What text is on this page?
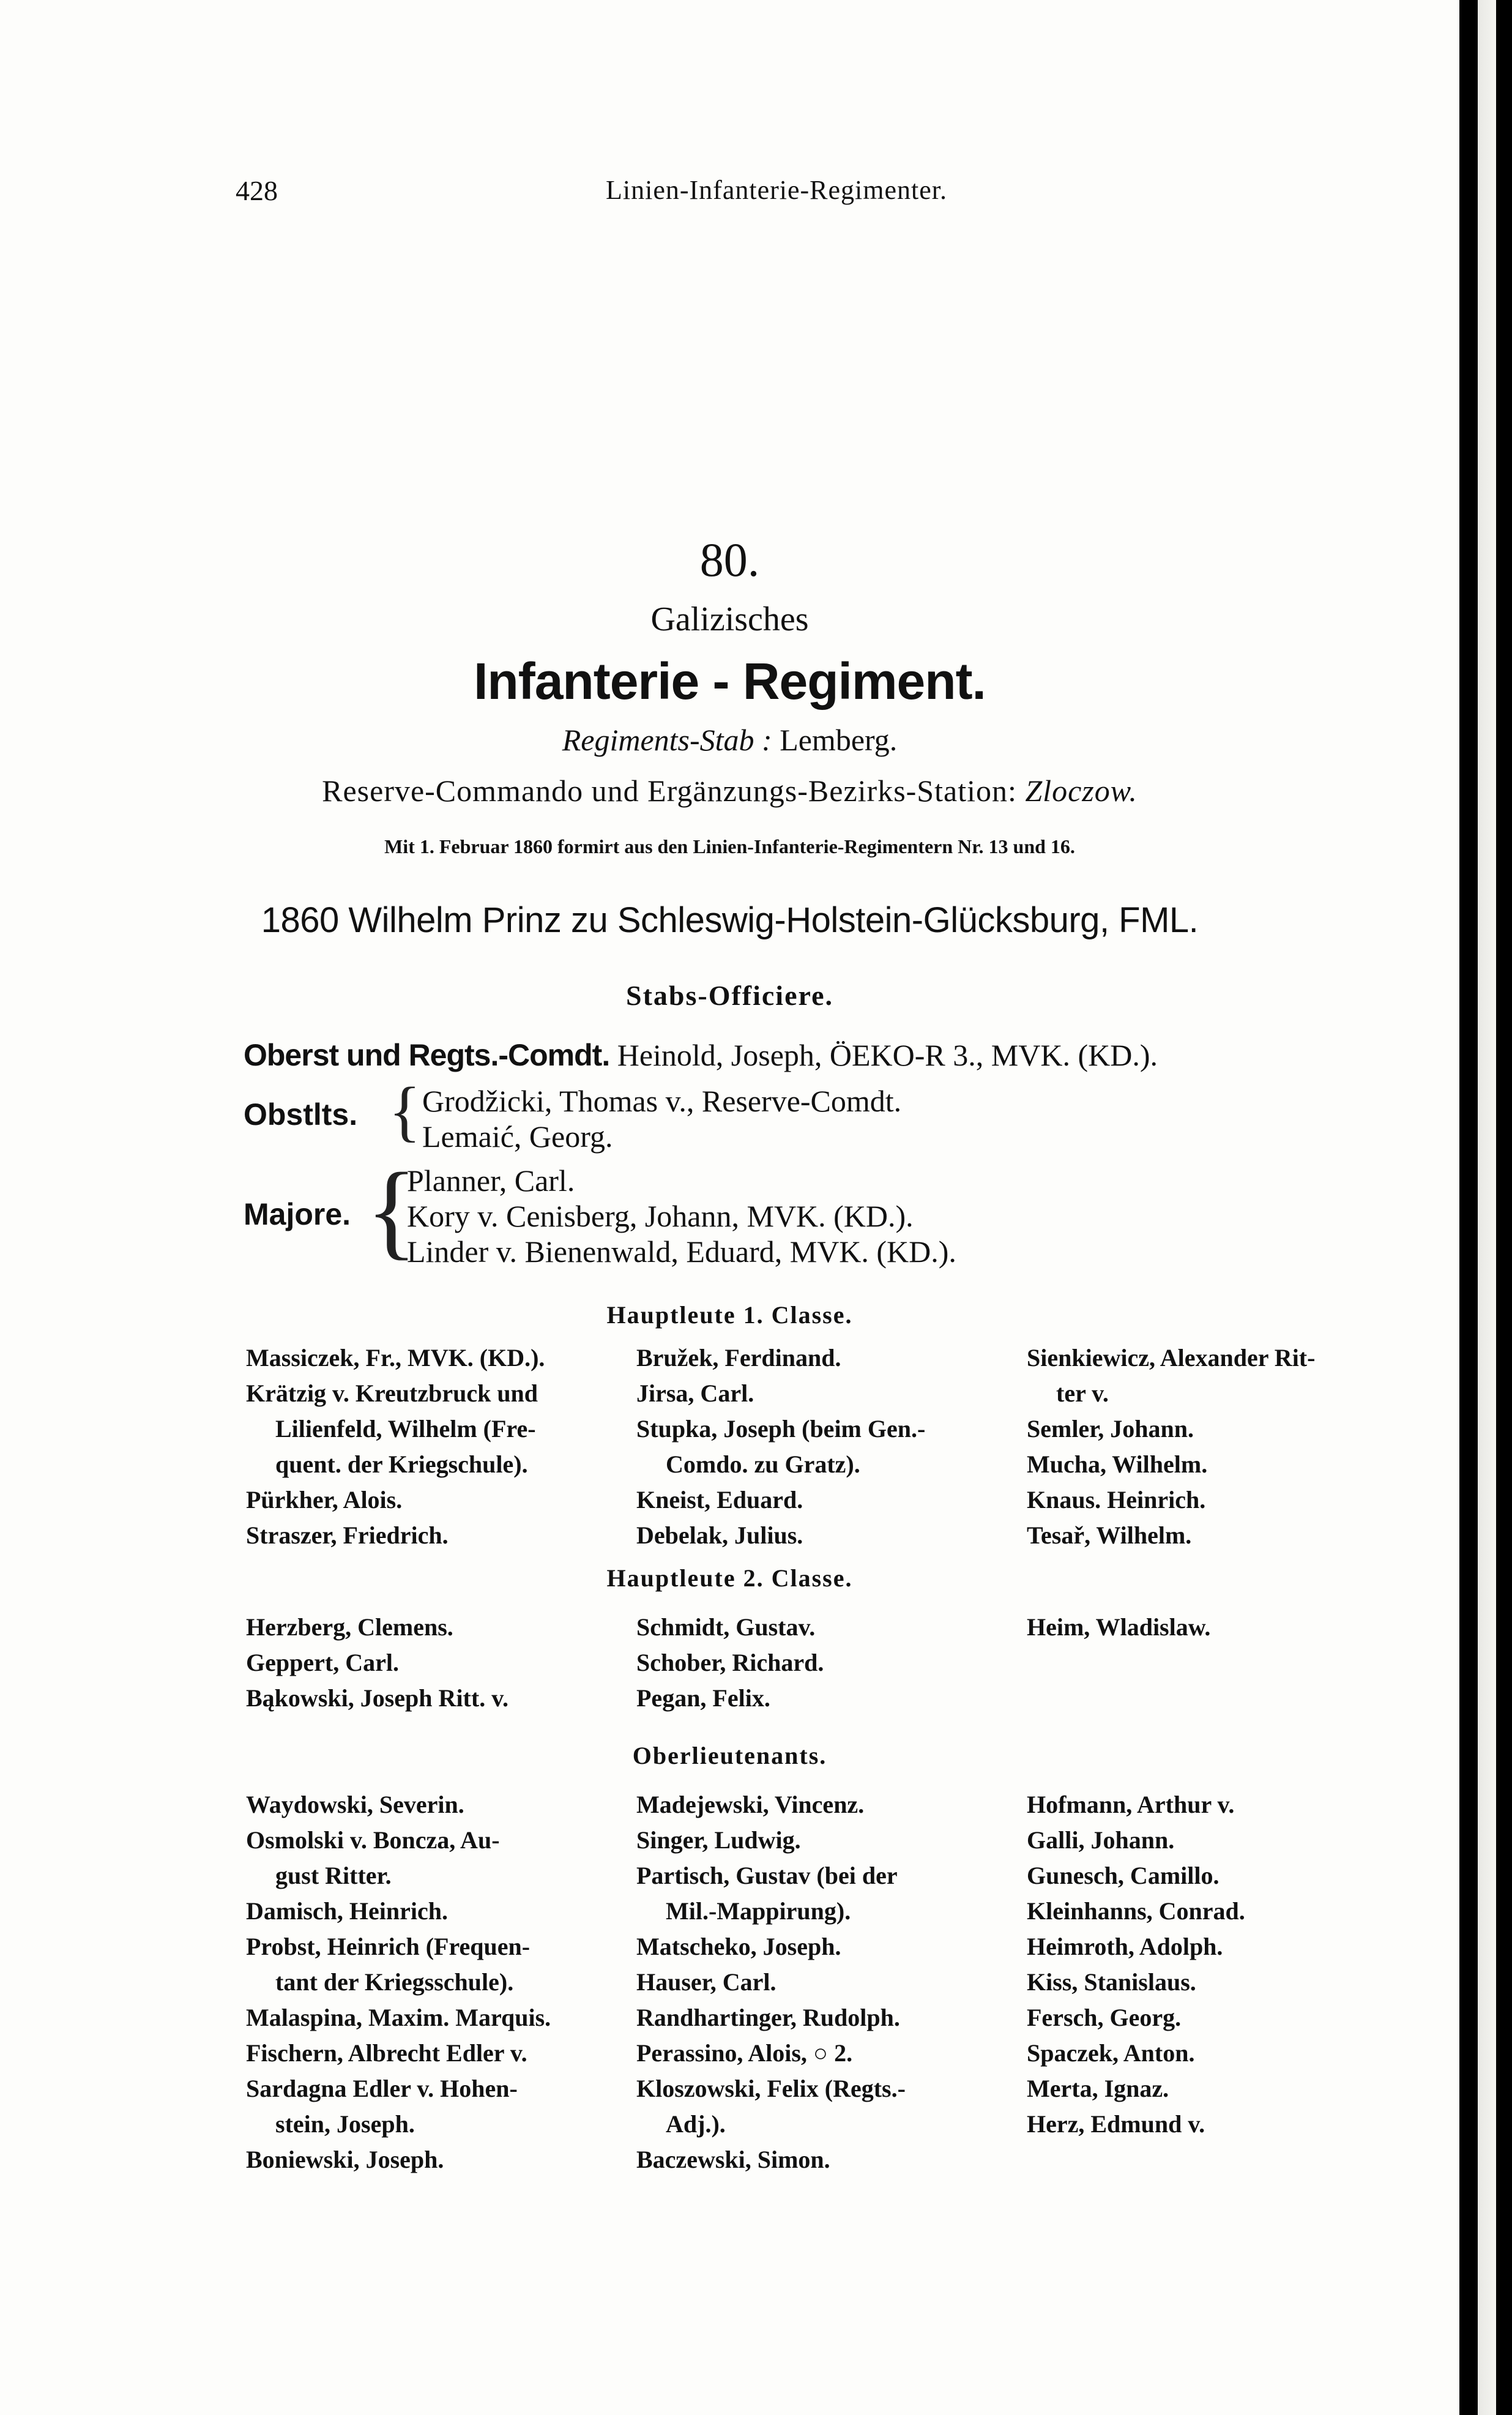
428	Linien-Infanterie-Regimenter.
80.
Galizisches
Infanterie - Regiment.
Regiments-Stab : Lemberg.
Reserve-Commando und Ergänzungs-Bezirks-Station: Zloczow.
Mit 1. Februar 1860 formirt aus den Linien-Infanterie-Regimentern Nr. 13 und 16.
1860 Wilhelm Prinz zu Schleswig-Holstein-Glücksburg, FML.
Stabs-Officiere.
Oberst und Regts.-Comdt. Heinold, Joseph, ÖEKO-R 3., MVK. (KD.).
Obstlts. { Grodžicki, Thomas v., Reserve-Comdt.
Lemaić, Georg.
Majore. {
Planner, Carl.
Kory v. Cenisberg, Johann, MVK. (KD.).
Linder v. Bienenwald, Eduard, MVK. (KD.).
Hauptleute 1. Classe.
Massiczek, Fr., MVK. (KD.).
Krätzig v. Kreutzbruck und
Lilienfeld, Wilhelm (Fre-
quent. der Kriegschule).
Pürkher, Alois.
Straszer, Friedrich.
Bružek, Ferdinand.
Jirsa, Carl.
Stupka, Joseph (beim Gen.-
Comdo. zu Gratz).
Kneist, Eduard.
Debelak, Julius.
Sienkiewicz, Alexander Rit-
ter v.
Semler, Johann.
Mucha, Wilhelm.
Knaus. Heinrich.
Tesař, Wilhelm.
Hauptleute 2. Classe.
Herzberg, Clemens.
Geppert, Carl.
Bąkowski, Joseph Ritt. v.
Schmidt, Gustav.
Schober, Richard.
Pegan, Felix.
Heim, Wladislaw.
Oberlieutenants.
Waydowski, Severin.
Osmolski v. Boncza, Au-
gust Ritter.
Damisch, Heinrich.
Probst, Heinrich (Frequen-
tant der Kriegsschule).
Malaspina, Maxim. Marquis.
Fischern, Albrecht Edler v.
Sardagna Edler v. Hohen-
stein, Joseph.
Boniewski, Joseph.
Madejewski, Vincenz.
Singer, Ludwig.
Partisch, Gustav (bei der
Mil.-Mappirung).
Matscheko, Joseph.
Hauser, Carl.
Randhartinger, Rudolph.
Perassino, Alois, ○ 2.
Kloszowski, Felix (Regts.-
Adj.).
Baczewski, Simon.
Hofmann, Arthur v.
Galli, Johann.
Gunesch, Camillo.
Kleinhanns, Conrad.
Heimroth, Adolph.
Kiss, Stanislaus.
Fersch, Georg.
Spaczek, Anton.
Merta, Ignaz.
Herz, Edmund v.
